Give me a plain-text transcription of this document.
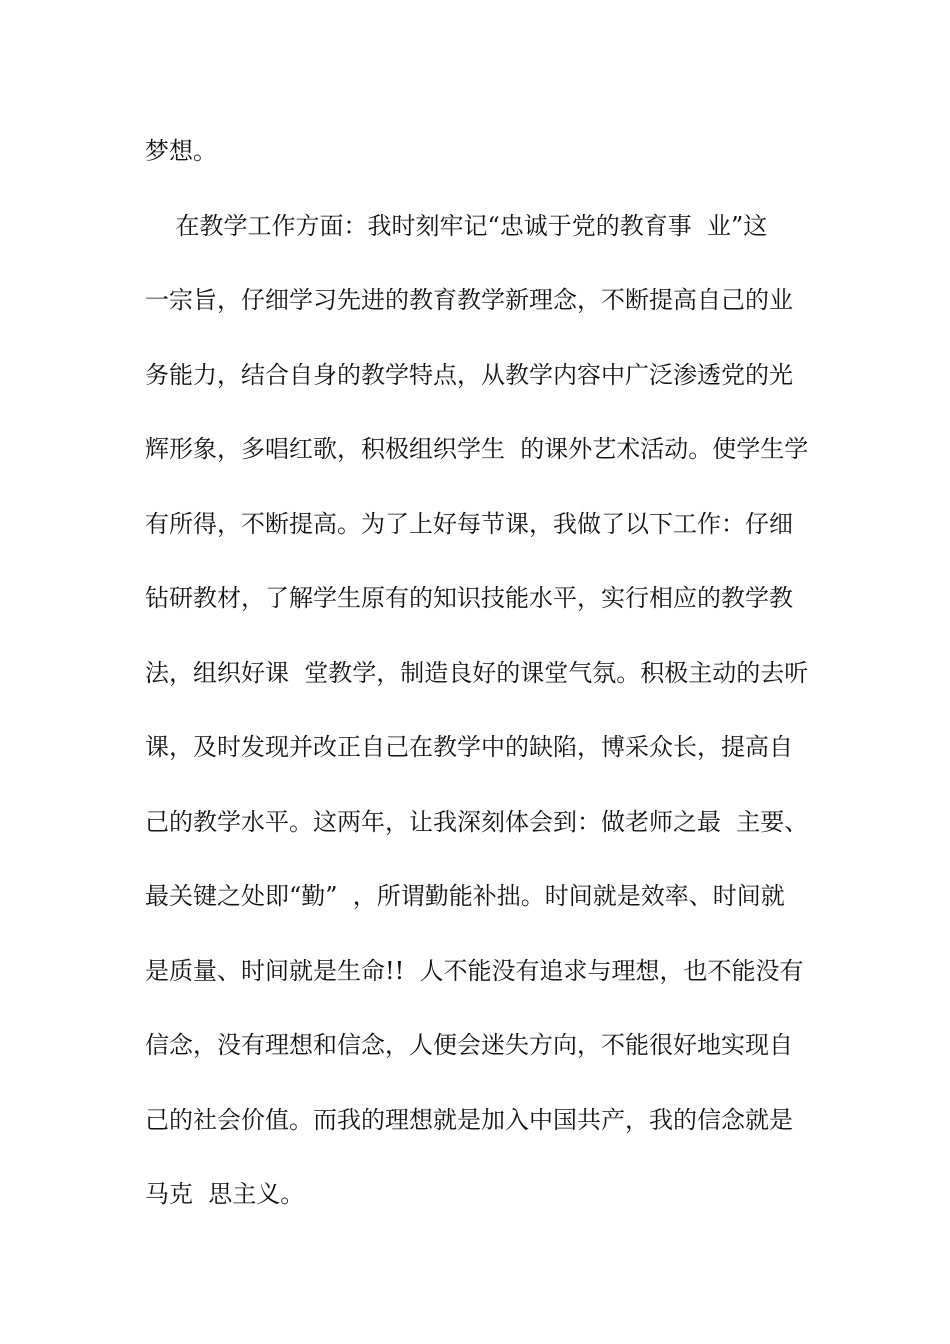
梦想。
在教学工作方面：我时刻牢记“忠诚于党的教育事  业”这
一宗旨，仔细学习先进的教育教学新理念，不断提高自己的业
务能力，结合自身的教学特点，从教学内容中广泛渗透党的光
辉形象，多唱红歌，积极组织学生  的课外艺术活动。使学生学
有所得，不断提高。为了上好每节课，我做了以下工作：仔细
钻研教材，了解学生原有的知识技能水平，实行相应的教学教
法，组织好课  堂教学，制造良好的课堂气氛。积极主动的去听
课，及时发现并改正自己在教学中的缺陷，博采众长，提高自
己的教学水平。这两年，让我深刻体会到：做老师之最  主要、
最关键之处即“勤”  ，所谓勤能补拙。时间就是效率、时间就
是质量、时间就是生命!!  人不能没有追求与理想，也不能没有
信念，没有理想和信念，人便会迷失方向，不能很好地实现自
己的社会价值。而我的理想就是加入中国共产，我的信念就是
马克  思主义。
